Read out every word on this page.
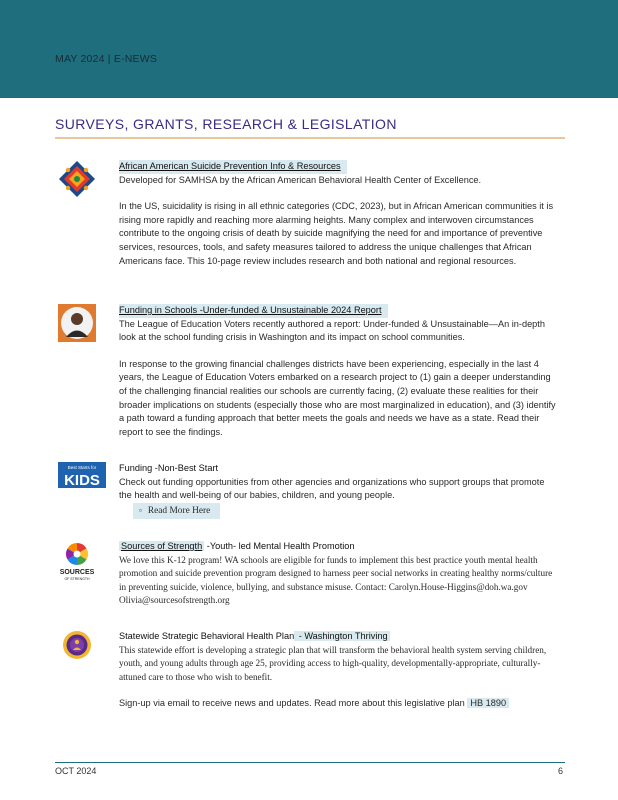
MAY 2024 | E-NEWS
SURVEYS, GRANTS, RESEARCH & LEGISLATION

African American Suicide Prevention Info & Resources

Developed for SAMHSA by the African American Behavioral Health Center of Excellence.

In the US, suicidality is rising in all ethnic categories (CDC, 2023), but in African American communities it is rising more rapidly and reaching more alarming heights. Many complex and interwoven circumstances contribute to the ongoing crisis of death by suicide magnifying the need for and importance of preventive services, resources, tools, and safety measures tailored to address the unique challenges that African Americans face. This 10-page review includes research and both national and regional resources.

Funding in Schools -Under-funded & Unsustainable 2024 Report

The League of Education Voters recently authored a report: Under-funded & Unsustainable—An in-depth look at the school funding crisis in Washington and its impact on school communities.

In response to the growing financial challenges districts have been experiencing, especially in the last 4 years, the League of Education Voters embarked on a research project to (1) gain a deeper understanding of the challenging financial realities our schools are currently facing, (2) evaluate these realities for their broader implications on students (especially those who are most marginalized in education), and (3) identify a path toward a funding approach that better meets the goals and needs we have as a state. Read their report to see the findings.

Best Starts for
KIDS

Funding -Non-Best Start

Check out funding opportunities from other agencies and organizations who support groups that promote the health and well-being of our babies, children, and young people.

▫ Read More Here

SOURCES
OF STRENGTH

Sources of Strength -Youth- led Mental Health Promotion

We love this K-12 program! WA schools are eligible for funds to implement this best practice youth mental health promotion and suicide prevention program designed to harness peer social networks in creating healthy norms/culture in preventing suicide, violence, bullying, and substance misuse. Contact: Carolyn.House-Higgins@doh.wa.gov Olivia@sourcesofstrength.org

Statewide Strategic Behavioral Health Plan - Washington Thriving

This statewide effort is developing a strategic plan that will transform the behavioral health system serving children, youth, and young adults through age 25, providing access to high-quality, developmentally-appropriate, culturally-attuned care to those who wish to benefit.

Sign-up via email to receive news and updates. Read more about this legislative plan HB 1890

OCT 2024	6
